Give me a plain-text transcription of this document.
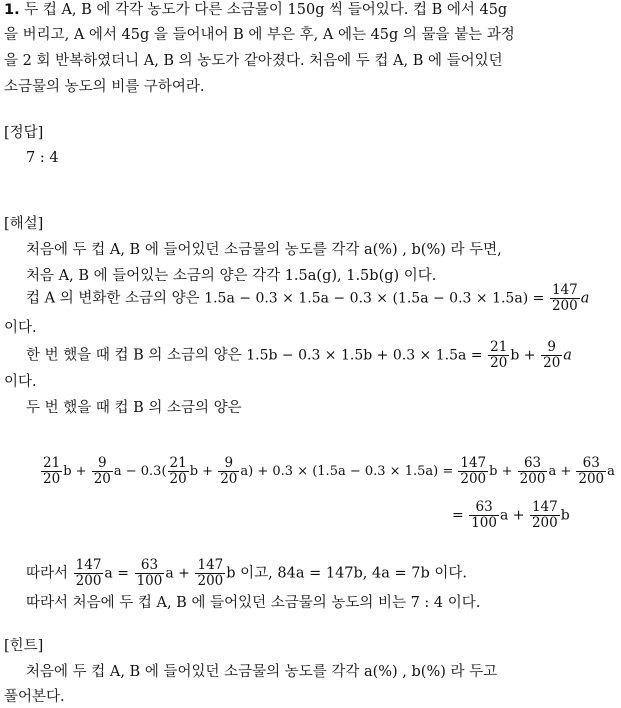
1. 두 컵 A, B 에 각각 농도가 다른 소금물이 150g 씩 들어있다. 컵 B 에서 45g
을 버리고, A 에서 45g 을 들어내어 B 에 부은 후, A 에는 45g 의 물을 붙는 과정
을 2 회 반복하였더니 A, B 의 농도가 같아졌다. 처음에 두 컵 A, B 에 들어있던
소금물의 농도의 비를 구하여라.
[정답]
7 : 4
[해설]
처음에 두 컵 A, B 에 들어있던 소금물의 농도를 각각 a(%) , b(%) 라 두면,
처음 A, B 에 들어있는 소금의 양은 각각 1.5a(g), 1.5b(g) 이다.
컵 A 의 변화한 소금의 양은 $1.5a - 0.3 \times 1.5a - 0.3 \times (1.5a - 0.3 \times 1.5a) = \frac{147}{200}$ a
이다.
한 번 했을 때 컵 B 의 소금의 양은 $1.5b - 0.3 \times 1.5b + 0.3 \times 1.5a = \frac{21}{20}$ $b + \frac{9}{20}$ a
이다.
두 번 했을 때 컵 B 의 소금의 양은
$\frac{21}{20}$ $b + \frac{9}{20}$ $a - 0.3( \frac{21}{20}$ $b + \frac{9}{20} a) + 0.3 \times (1.5a - 0.3 \times 1.5a) = \frac{147}{200}$ $b + \frac{63}{200}$ $a + \frac{63}{200}$ a
= $\frac{63}{100}$ $a + \frac{147}{200}$ b
따라서 $\frac{147}{200}$ $a = \frac{63}{100}$ $a + \frac{147}{200}$ b 이고, 84a = 147b, 4a = 7b 이다.
따라서 처음에 두 컵 A, B 에 들어있던 소금물의 농도의 비는 7 : 4 이다.
[힌트]
처음에 두 컵 A, B 에 들어있던 소금물의 농도를 각각 a(%) , b(%) 라 두고
풀어본다.
